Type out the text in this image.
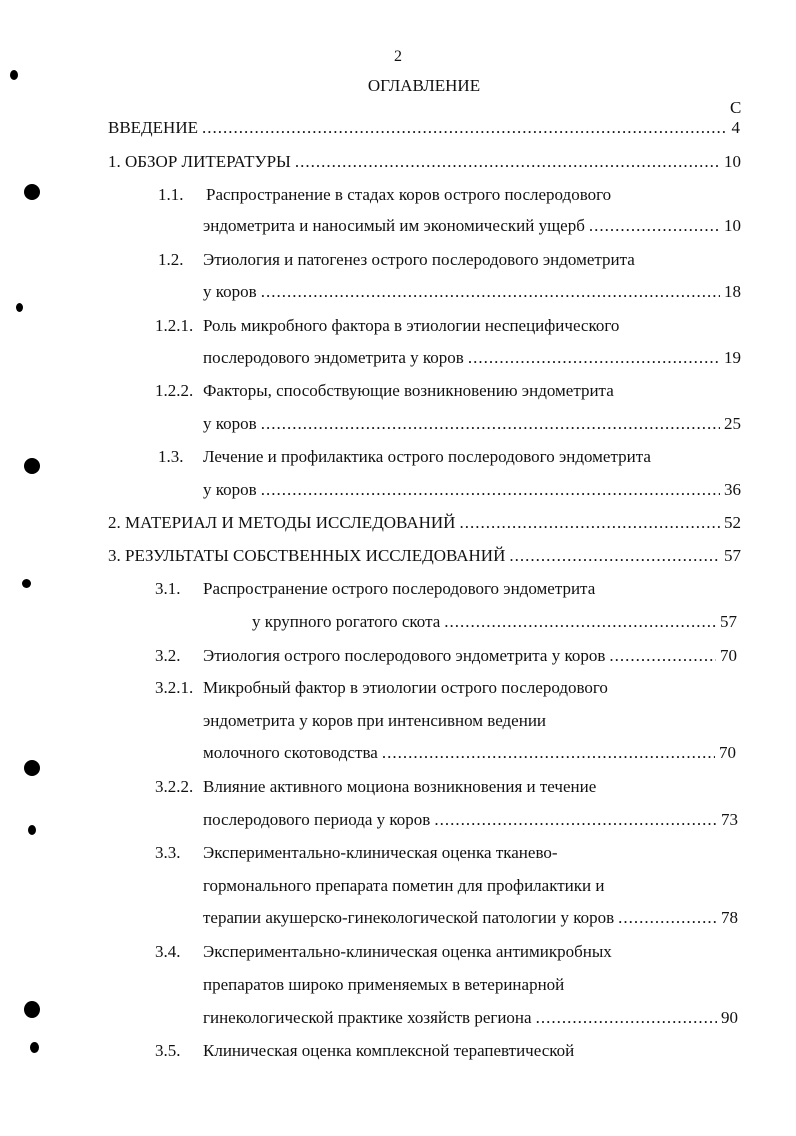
2
ОГЛАВЛЕНИЕ
С
ВВЕДЕНИЕ .....	4
1. ОБЗОР ЛИТЕРАТУРЫ .....	10
1.1. Распространение в стадах коров острого послеродового
эндометрита и наносимый им экономический ущерб .....	10
1.2. Этиология и патогенез острого послеродового эндометрита
у коров .....	18
1.2.1. Роль микробного фактора в этиологии неспецифического
послеродового эндометрита у коров .....	19
1.2.2. Факторы, способствующие возникновению эндометрита
у коров .....	25
1.3. Лечение и профилактика острого послеродового эндометрита
у коров .....	36
2. МАТЕРИАЛ И МЕТОДЫ ИССЛЕДОВАНИЙ .....	52
3. РЕЗУЛЬТАТЫ СОБСТВЕННЫХ ИССЛЕДОВАНИЙ .....	57
3.1. Распространение острого послеродового эндометрита
у крупного рогатого скота .....	57
3.2. Этиология острого послеродового эндометрита у коров .....	70
3.2.1. Микробный фактор в этиологии острого послеродового
эндометрита у коров при интенсивном ведении
молочного скотоводства .....	70
3.2.2. Влияние активного моциона возникновения и течение
послеродового периода у коров .....	73
3.3. Экспериментально-клиническая оценка тканево-
гормонального препарата пометин для профилактики и
терапии акушерско-гинекологической патологии у коров .....	78
3.4. Экспериментально-клиническая оценка антимикробных
препаратов широко применяемых в ветеринарной
гинекологической практике хозяйств региона .....	90
3.5. Клиническая оценка комплексной терапевтической
